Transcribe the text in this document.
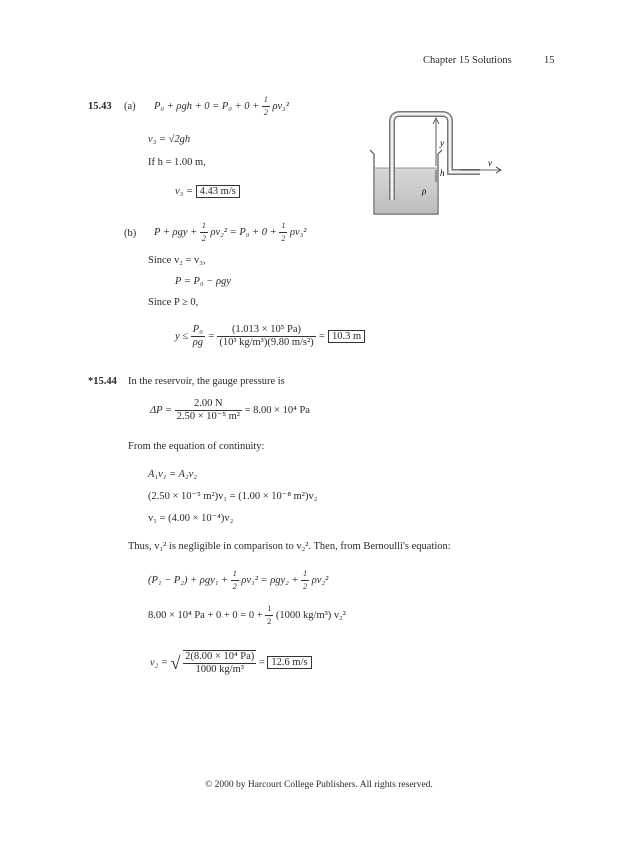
Chapter 15 Solutions	15
15.43 (a) $P_0 + \rho gh + 0 = P_0 + 0 + \frac{1}{2} \rho v_3^2$
v₃ = √2gh
If h = 1.00 m,
v₃ = 4.43 m/s
y
h
v
ρ
(b) $P + \rho gy + \frac{1}{2} \rho v_2^2 = P_0 + 0 + \frac{1}{2} \rho v_3^2$
Since v₂ = v₃,
P = P₀ − ρgy
Since P ≥ 0,
$y \le \frac{\text{P₀}}{\rho g} = \frac{\text{(1.013 × 10⁵ Pa)}}{\text{(10³ kg/m³)(9.80 m/s²)}} = 10.3$ m
*15.44 In the reservoir, the gauge pressure is
$\Delta P = \frac{2.00 N}{\text{2.50 × 10⁻⁵ m²}} = 8.00 \times 10^4$ Pa
From the equation of continuity:
A₁v₁ = A₂v₂
(2.50 × 10⁻⁵ m²)v₁ = (1.00 × 10⁻⁸ m²)v₂
v₁ = (4.00 × 10⁻⁴)v₂
Thus, v₁² is negligible in comparison to v₂². Then, from Bernoulli's equation:
$(P_1 - P_2) + \rho gy_1 + \frac{1}{2} \rho v_1^2 = \rho gy_2 + \frac{1}{2} \rho v_2^2$
8.00 × 10⁴ $Pa + 0 + 0 = 0 + \frac{1}{2} (1000$ kg/m³) v₂²
v₂ = √ $\frac{\text{2(8.00 × 10⁴ Pa)}}{\text{1000 kg/m³}} = 12.6$ m/s
© 2000 by Harcourt College Publishers. All rights reserved.
